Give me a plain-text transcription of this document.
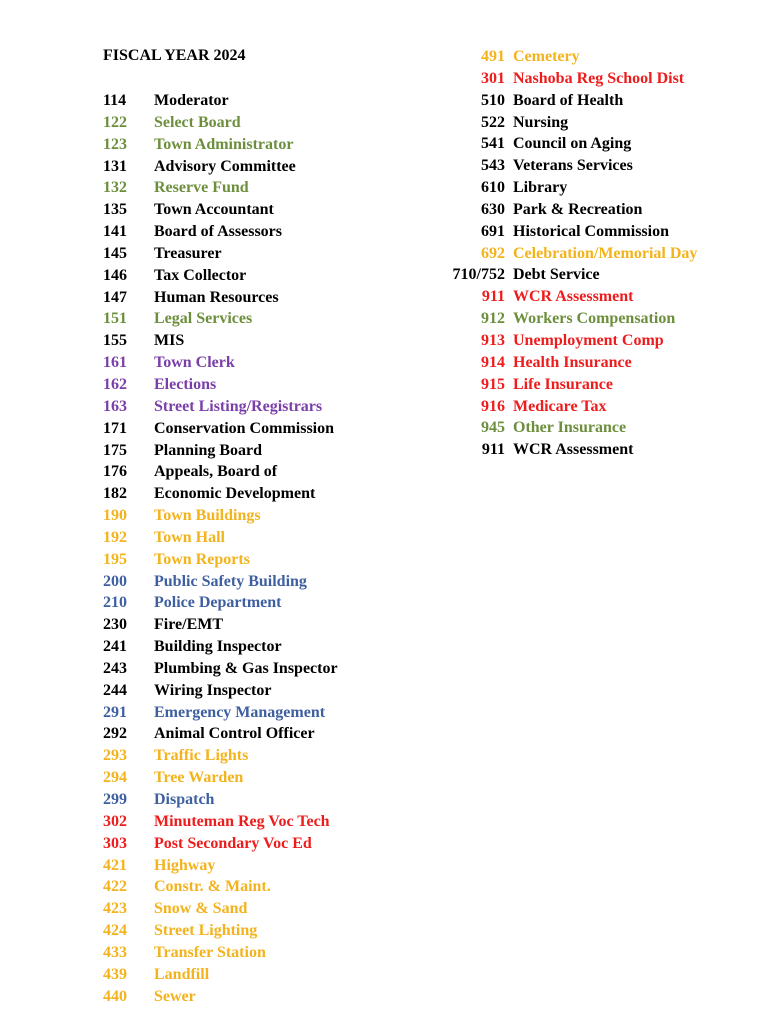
FISCAL YEAR 2024
114	Moderator
122	Select Board
123	Town Administrator
131	Advisory Committee
132	Reserve Fund
135	Town Accountant
141	Board of Assessors
145	Treasurer
146	Tax Collector
147	Human Resources
151	Legal Services
155	MIS
161	Town Clerk
162	Elections
163	Street Listing/Registrars
171	Conservation Commission
175	Planning Board
176	Appeals, Board of
182	Economic Development
190	Town Buildings
192	Town Hall
195	Town Reports
200	Public Safety Building
210	Police Department
230	Fire/EMT
241	Building Inspector
243	Plumbing & Gas Inspector
244	Wiring Inspector
291	Emergency Management
292	Animal Control Officer
293	Traffic Lights
294	Tree Warden
299	Dispatch
302	Minuteman Reg Voc Tech
303	Post Secondary Voc Ed
421	Highway
422	Constr. & Maint.
423	Snow & Sand
424	Street Lighting
433	Transfer Station
439	Landfill
440	Sewer
491 Cemetery
301 Nashoba Reg School Dist
510 Board of Health
522 Nursing
541 Council on Aging
543 Veterans Services
610 Library
630 Park & Recreation
691 Historical Commission
692 Celebration/Memorial Day
710/752 Debt Service
911 WCR Assessment
912 Workers Compensation
913 Unemployment Comp
914 Health Insurance
915 Life Insurance
916 Medicare Tax
945 Other Insurance
911 WCR Assessment
